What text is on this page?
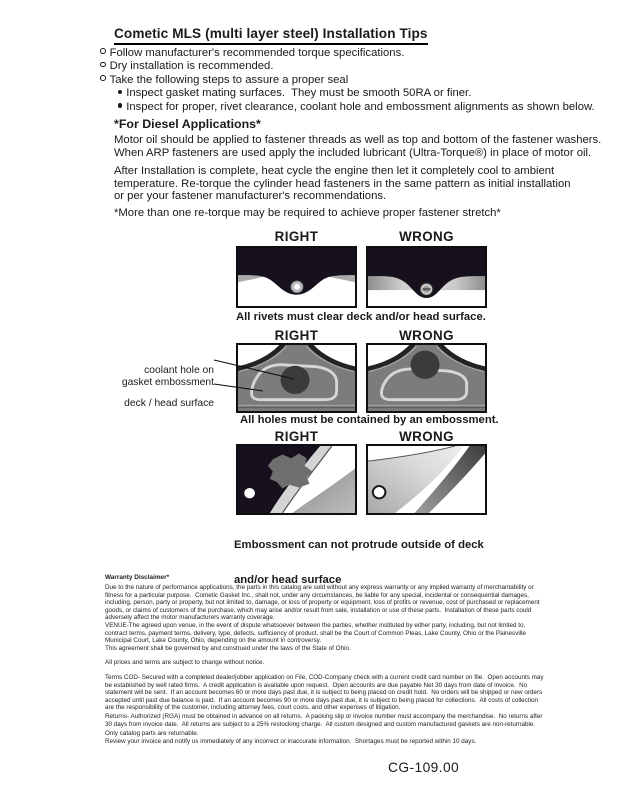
Cometic MLS (multi layer steel) Installation Tips
Follow manufacturer's recommended torque specifications.
Dry installation is recommended.
Take the following steps to assure a proper seal
Inspect gasket mating surfaces.  They must be smooth 50RA or finer.
Inspect for proper, rivet clearance, coolant hole and embossment alignments as shown below.
*For Diesel Applications*
Motor oil should be applied to fastener threads as well as top and bottom of the fastener washers.
When ARP fasteners are used apply the included lubricant (Ultra-Torque®) in place of motor oil.
After Installation is complete, heat cycle the engine then let it completely cool to ambient
temperature. Re-torque the cylinder head fasteners in the same pattern as initial installation
or per your fastener manufacturer's recommendations.
*More than one re-torque may be required to achieve proper fastener stretch*
RIGHT	WRONG
All rivets must clear deck and/or head surface.

coolant hole on

deck / head surface

gasket embossment
RIGHT	WRONG
All holes must be contained by an embossment.
RIGHT	WRONG

Embossment can not protrude outside of deck

and/or head surface

Warranty Disclaimer*
Due to the nature of performance applications, the parts in this catalog are sold without any express warranty or any implied warranty of merchantability or
fitness for a particular purpose.  Cometic Gasket Inc., shall not, under any circumstances, be liable for any special, incidental or consequential damages,
including, person, party or property, but not limited to, damage, or loss of property or equipment, loss of profits or revenue, cost of purchased or replacement
goods, or claims of customers of the purchase, which may arise and/or result from sale, installation or use of these parts.  Installation of these parts could
adversely affect the motor manufacturers warranty coverage.
VENUE-The agreed upon venue, in the event of dispute whatsoever between the parties, whether instituted by either party, including, but not limited to,
contract terms, payment terms, delivery, type, defects, sufficiency of product, shall be the Court of Common Pleas, Lake County, Ohio or the Painesville
Municipal Court, Lake County, Ohio, depending on the amount in controversy.
This agreement shall be governed by and construed under the laws of the State of Ohio.
All prices and terms are subject to change without notice.
Terms COD- Secured with a completed dealer/jobber application on File, COD-Company check with a current credit card number on file.  Open accounts may
be established by well rated firms.  A credit application is available upon request.  Open accounts are due payable Net 30 days from date of invoice.  No
statement will be sent.  If an account becomes 60 or more days past due, it is subject to being placed on credit hold.  No orders will be shipped or new orders
accepted until past due balance is paid.  If an account becomes 90 or more days past due, it is subject to being placed for collections.  All costs of collection
are the responsibility of the customer, including attorney fees, court costs, and other expenses of litigation.
Returns- Authorized (RGA) must be obtained in advance on all returns.  A packing slip or invoice number must accompany the merchandise.  No returns after
30 days from invoice date.  All returns are subject to a 25% restocking charge.  All custom designed and custom manufactured gaskets are non-returnable.
Only catalog parts are returnable.
Review your invoice and notify us immediately of any incorrect or inaccurate information.  Shortages must be reported within 10 days.
CG-109.00
